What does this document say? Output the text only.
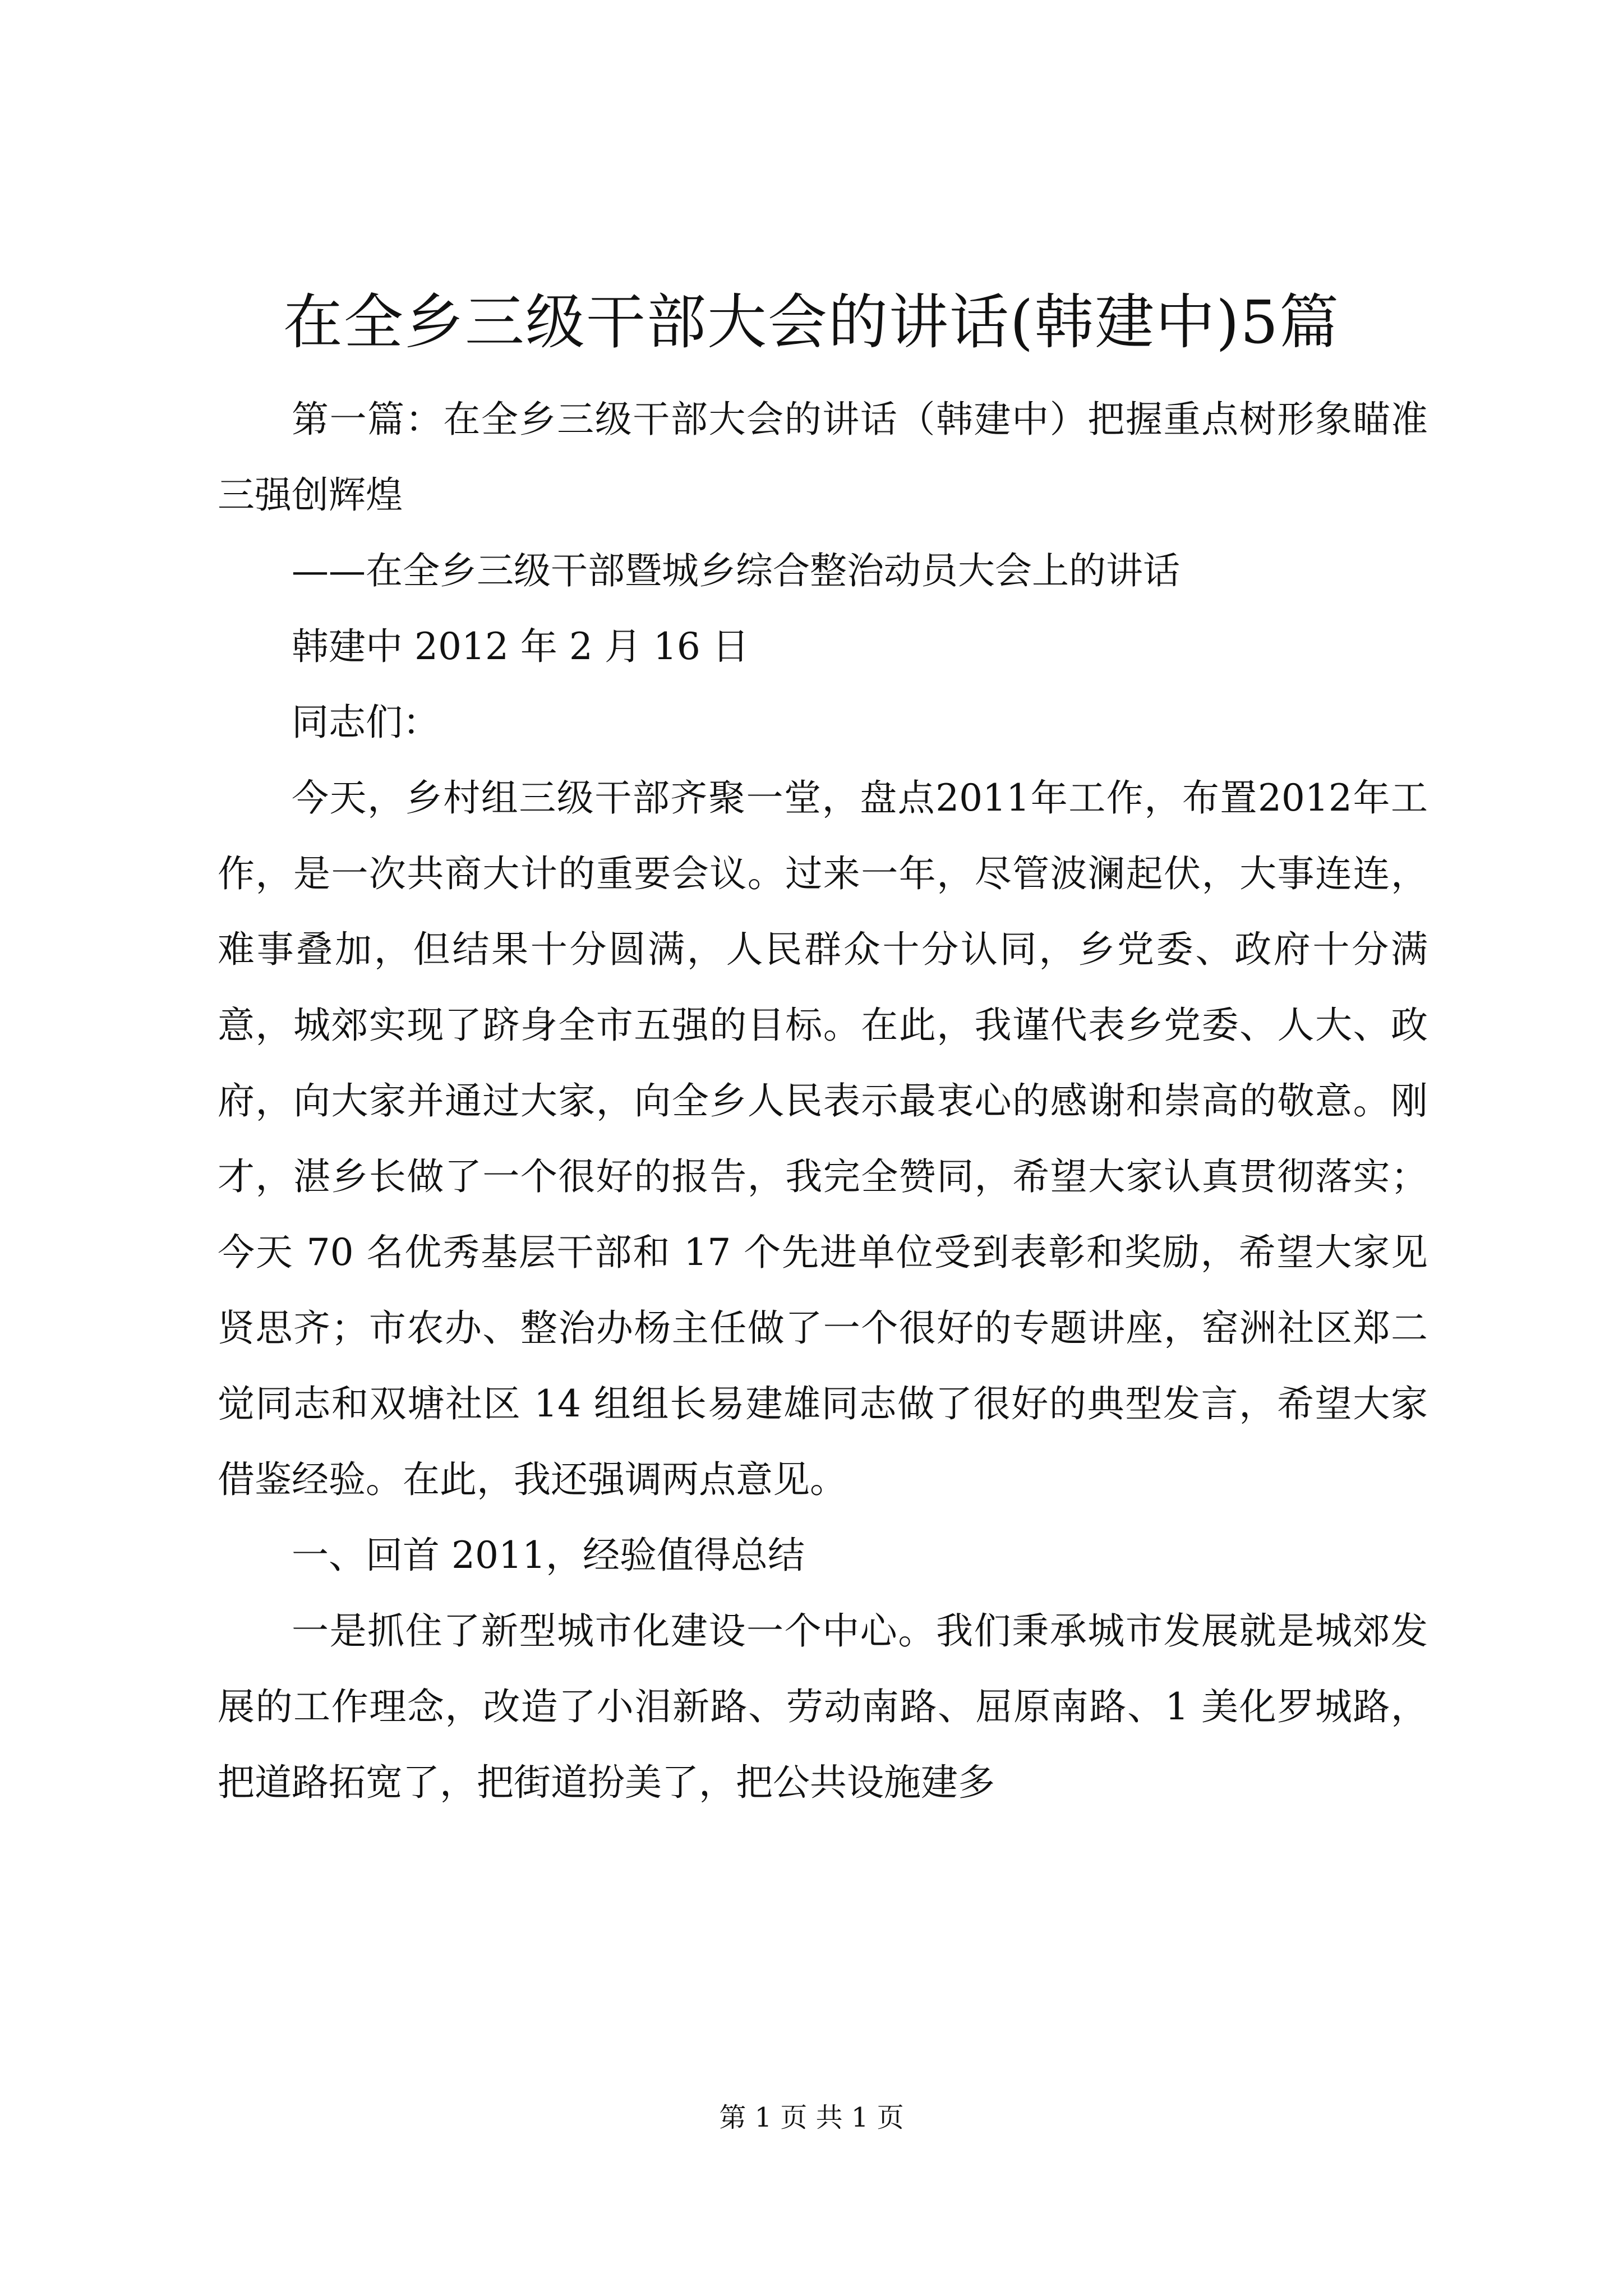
在全乡三级干部大会的讲话(韩建中)5篇

第一篇：在全乡三级干部大会的讲话（韩建中）把握重点树形象瞄准三强创辉煌

——在全乡三级干部暨城乡综合整治动员大会上的讲话

韩建中 2012 年 2 月 16 日

同志们：

今天，乡村组三级干部齐聚一堂，盘点2011年工作，布置2012年工作，是一次共商大计的重要会议。过来一年，尽管波澜起伏，大事连连，难事叠加，但结果十分圆满，人民群众十分认同，乡党委、政府十分满意，城郊实现了跻身全市五强的目标。在此，我谨代表乡党委、人大、政府，向大家并通过大家，向全乡人民表示最衷心的感谢和崇高的敬意。刚才，湛乡长做了一个很好的报告，我完全赞同，希望大家认真贯彻落实；今天 70 名优秀基层干部和 17 个先进单位受到表彰和奖励，希望大家见贤思齐；市农办、整治办杨主任做了一个很好的专题讲座，窑洲社区郑二觉同志和双塘社区 14 组组长易建雄同志做了很好的典型发言，希望大家借鉴经验。在此，我还强调两点意见。

一、回首 2011，经验值得总结

一是抓住了新型城市化建设一个中心。我们秉承城市发展就是城郊发展的工作理念，改造了小泪新路、劳动南路、屈原南路、1 美化罗城路，把道路拓宽了，把街道扮美了，把公共设施建多

第 1 页 共 1 页
